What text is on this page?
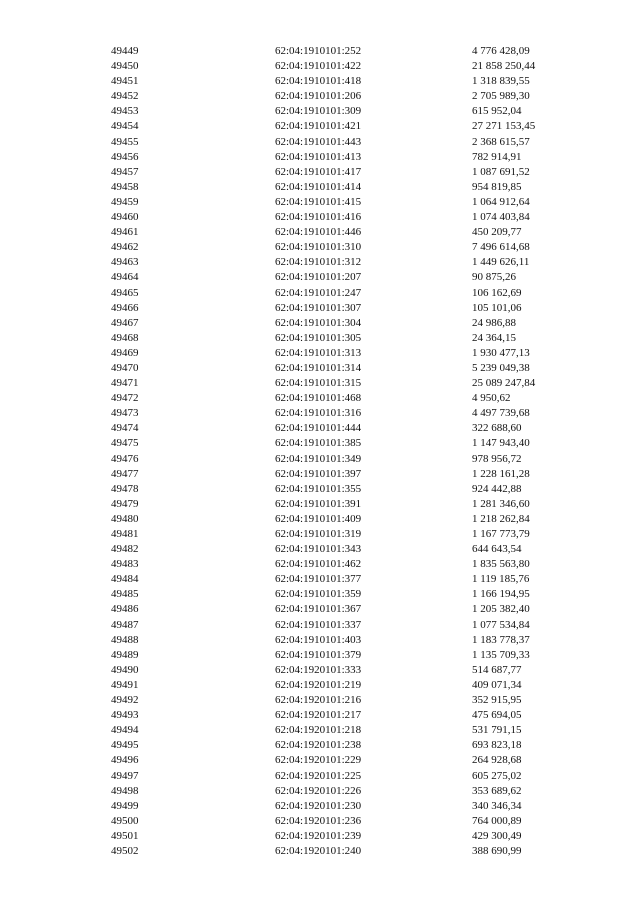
49449	62:04:1910101:252	4 776 428,09
49450	62:04:1910101:422	21 858 250,44
49451	62:04:1910101:418	1 318 839,55
49452	62:04:1910101:206	2 705 989,30
49453	62:04:1910101:309	615 952,04
49454	62:04:1910101:421	27 271 153,45
49455	62:04:1910101:443	2 368 615,57
49456	62:04:1910101:413	782 914,91
49457	62:04:1910101:417	1 087 691,52
49458	62:04:1910101:414	954 819,85
49459	62:04:1910101:415	1 064 912,64
49460	62:04:1910101:416	1 074 403,84
49461	62:04:1910101:446	450 209,77
49462	62:04:1910101:310	7 496 614,68
49463	62:04:1910101:312	1 449 626,11
49464	62:04:1910101:207	90 875,26
49465	62:04:1910101:247	106 162,69
49466	62:04:1910101:307	105 101,06
49467	62:04:1910101:304	24 986,88
49468	62:04:1910101:305	24 364,15
49469	62:04:1910101:313	1 930 477,13
49470	62:04:1910101:314	5 239 049,38
49471	62:04:1910101:315	25 089 247,84
49472	62:04:1910101:468	4 950,62
49473	62:04:1910101:316	4 497 739,68
49474	62:04:1910101:444	322 688,60
49475	62:04:1910101:385	1 147 943,40
49476	62:04:1910101:349	978 956,72
49477	62:04:1910101:397	1 228 161,28
49478	62:04:1910101:355	924 442,88
49479	62:04:1910101:391	1 281 346,60
49480	62:04:1910101:409	1 218 262,84
49481	62:04:1910101:319	1 167 773,79
49482	62:04:1910101:343	644 643,54
49483	62:04:1910101:462	1 835 563,80
49484	62:04:1910101:377	1 119 185,76
49485	62:04:1910101:359	1 166 194,95
49486	62:04:1910101:367	1 205 382,40
49487	62:04:1910101:337	1 077 534,84
49488	62:04:1910101:403	1 183 778,37
49489	62:04:1910101:379	1 135 709,33
49490	62:04:1920101:333	514 687,77
49491	62:04:1920101:219	409 071,34
49492	62:04:1920101:216	352 915,95
49493	62:04:1920101:217	475 694,05
49494	62:04:1920101:218	531 791,15
49495	62:04:1920101:238	693 823,18
49496	62:04:1920101:229	264 928,68
49497	62:04:1920101:225	605 275,02
49498	62:04:1920101:226	353 689,62
49499	62:04:1920101:230	340 346,34
49500	62:04:1920101:236	764 000,89
49501	62:04:1920101:239	429 300,49
49502	62:04:1920101:240	388 690,99
